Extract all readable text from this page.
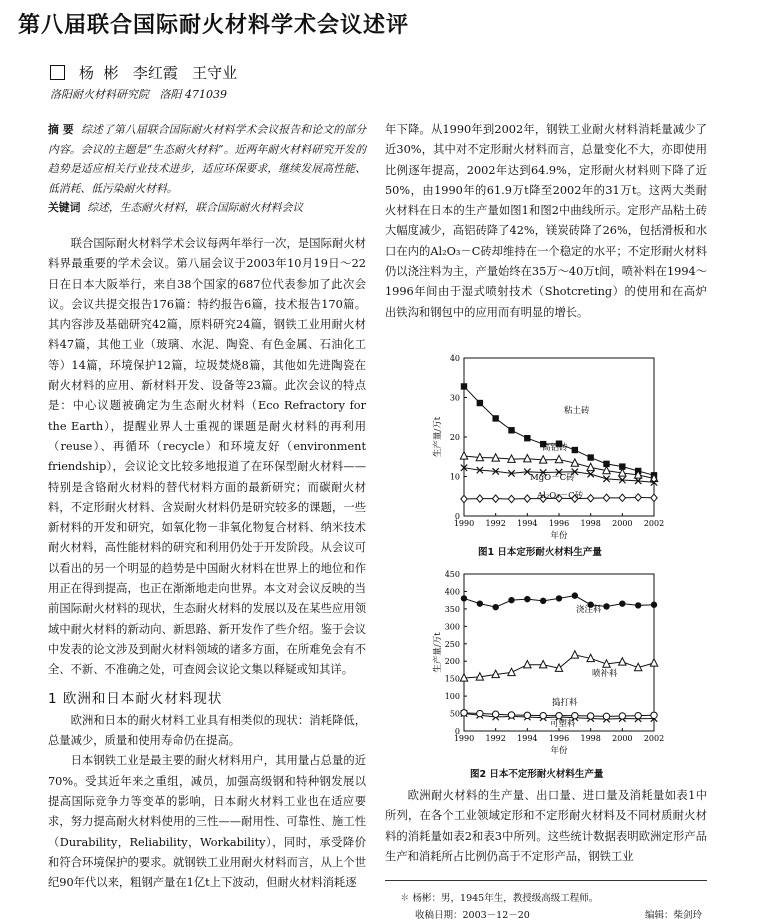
第八届联合国际耐火材料学术会议述评
杨  彬   李红霞   王守业
洛阳耐火材料研究院   洛阳 471039
摘 要 综述了第八届联合国际耐火材料学术会议报告和论文的部分内容。会议的主题是“生态耐火材料”。近两年耐火材料研究开发的趋势是适应相关行业技术进步，适应环保要求，继续发展高性能、低消耗、低污染耐火材料。
关键词 综述，生态耐火材料，联合国际耐火材料会议

联合国际耐火材料学术会议每两年举行一次，是国际耐火材料界最重要的学术会议。第八届会议于2003年10月19日～22日在日本大阪举行，来自38个国家的687位代表参加了此次会议。会议共提交报告176篇：特约报告6篇，技术报告170篇。其内容涉及基础研究42篇，原料研究24篇，钢铁工业用耐火材料47篇，其他工业（玻璃、水泥、陶瓷、有色金属、石油化工等）14篇，环境保护12篇，垃圾焚烧8篇，其他如先进陶瓷在耐火材料的应用、新材料开发、设备等23篇。此次会议的特点是：中心议题被确定为生态耐火材料（Eco Refractory for the Earth），提醒业界人士重视的课题是耐火材料的再利用（reuse）、再循环（recycle）和环境友好（environment friendship），会议论文比较多地报道了在环保型耐火材料——特别是含铬耐火材料的替代材料方面的最新研究；而碳耐火材料，不定形耐火材料、含炭耐火材料仍是研究较多的课题，一些新材料的开发和研究，如氧化物－非氧化物复合材料、纳米技术耐火材料，高性能材料的研究和利用仍处于开发阶段。从会议可以看出的另一个明显的趋势是中国耐火材料在世界上的地位和作用正在得到提高，也正在渐渐地走向世界。本文对会议反映的当前国际耐火材料的现状，生态耐火材料的发展以及在某些应用领域中耐火材料的新动向、新思路、新开发作了些介绍。鉴于会议中发表的论文涉及到耐火材料领域的诸多方面，在所难免会有不全、不新、不准确之处，可查阅会议论文集以释疑或知其详。

1 欧洲和日本耐火材料现状

欧洲和日本的耐火材料工业具有相类似的现状：消耗降低，总量减少，质量和使用寿命仍在提高。

日本钢铁工业是最主要的耐火材料用户，其用量占总量的近70%。受其近年来之重组，减员，加强高级钢和特种钢发展以提高国际竞争力等变革的影响，日本耐火材料工业也在适应要求，努力提高耐火材料使用的三性——耐用性、可靠性、施工性（Durability，Reliability，Workability），同时，承受降价和符合环境保护的要求。就钢铁工业用耐火材料而言，从上个世纪90年代以来，粗钢产量在1亿t上下波动，但耐火材料消耗逐

年下降。从1990年到2002年，钢铁工业耐火材料消耗量减少了近30%，其中对不定形耐火材料而言，总量变化不大，亦即使用比例逐年提高，2002年达到64.9%，定形耐火材料则下降了近50%，由1990年的61.9万t降至2002年的31万t。这两大类耐火材料在日本的生产量如图1和图2中曲线所示。定形产品粘土砖大幅度减少，高铝砖降了42%，镁炭砖降了26%，包括滑板和水口在内的Al₂O₃－C砖却维持在一个稳定的水平；不定形耐火材料仍以浇注料为主，产量始终在35万～40万t间，喷补料在1994～1996年间由于湿式喷射技术（Shotcreting）的使用和在高炉出铁沟和钢包中的应用而有明显的增长。

0
10
20
30
40
1990 1992 1994 1996 1998 2000 2002
年份
生产量/万t
粘土砖
高铝砖
MgO－C砖
Al₂O₃－C砖
图1 日本定形耐火材料生产量
0
50
100
150
200
250
300
350
400
450
1990 1992 1994 1996 1998 2000 2002
年份
生产量/万t
浇注料
喷补料
捣打料
可塑料
图2 日本不定形耐火材料生产量

欧洲耐火材料的生产量、出口量、进口量及消耗量如表1中所列，在各个工业领域定形和不定形耐火材料及不同材质耐火材料的消耗量如表2和表3中所列。这些统计数据表明欧洲定形产品生产和消耗所占比例仍高于不定形产品，钢铁工业

✽ 杨彬：男，1945年生，教授级高级工程师。
收稿日期：2003－12－20	编辑：柴剑玲
